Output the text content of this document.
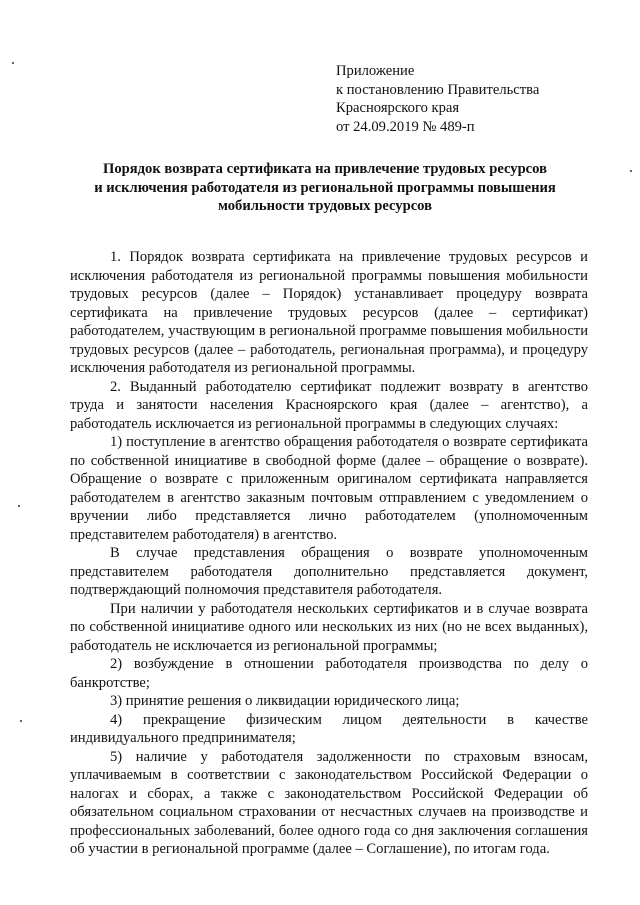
Приложение
к постановлению Правительства
Красноярского края
от 24.09.2019 № 489-п
Порядок возврата сертификата на привлечение трудовых ресурсов
и исключения работодателя из региональной программы повышения
мобильности трудовых ресурсов

1. Порядок возврата сертификата на привлечение трудовых ресурсов и исключения работодателя из региональной программы повышения мобильности трудовых ресурсов (далее – Порядок) устанавливает процедуру возврата сертификата на привлечение трудовых ресурсов (далее – сертификат) работодателем, участвующим в региональной программе повышения мобильности трудовых ресурсов (далее – работодатель, региональная программа), и процедуру исключения работодателя из региональной программы.

2. Выданный работодателю сертификат подлежит возврату в агентство труда и занятости населения Красноярского края (далее – агентство), а работодатель исключается из региональной программы в следующих случаях:

1) поступление в агентство обращения работодателя о возврате сертификата по собственной инициативе в свободной форме (далее – обращение о возврате). Обращение о возврате с приложенным оригиналом сертификата направляется работодателем в агентство заказным почтовым отправлением с уведомлением о вручении либо представляется лично работодателем (уполномоченным представителем работодателя) в агентство.

В случае представления обращения о возврате уполномоченным представителем работодателя дополнительно представляется документ, подтверждающий полномочия представителя работодателя.

При наличии у работодателя нескольких сертификатов и в случае возврата по собственной инициативе одного или нескольких из них (но не всех выданных), работодатель не исключается из региональной программы;

2) возбуждение в отношении работодателя производства по делу о банкротстве;

3) принятие решения о ликвидации юридического лица;

4) прекращение физическим лицом деятельности в качестве индивидуального предпринимателя;

5) наличие у работодателя задолженности по страховым взносам, уплачиваемым в соответствии с законодательством Российской Федерации о налогах и сборах, а также с законодательством Российской Федерации об обязательном социальном страховании от несчастных случаев на производстве и профессиональных заболеваний, более одного года со дня заключения соглашения об участии в региональной программе (далее – Соглашение), по итогам года.
